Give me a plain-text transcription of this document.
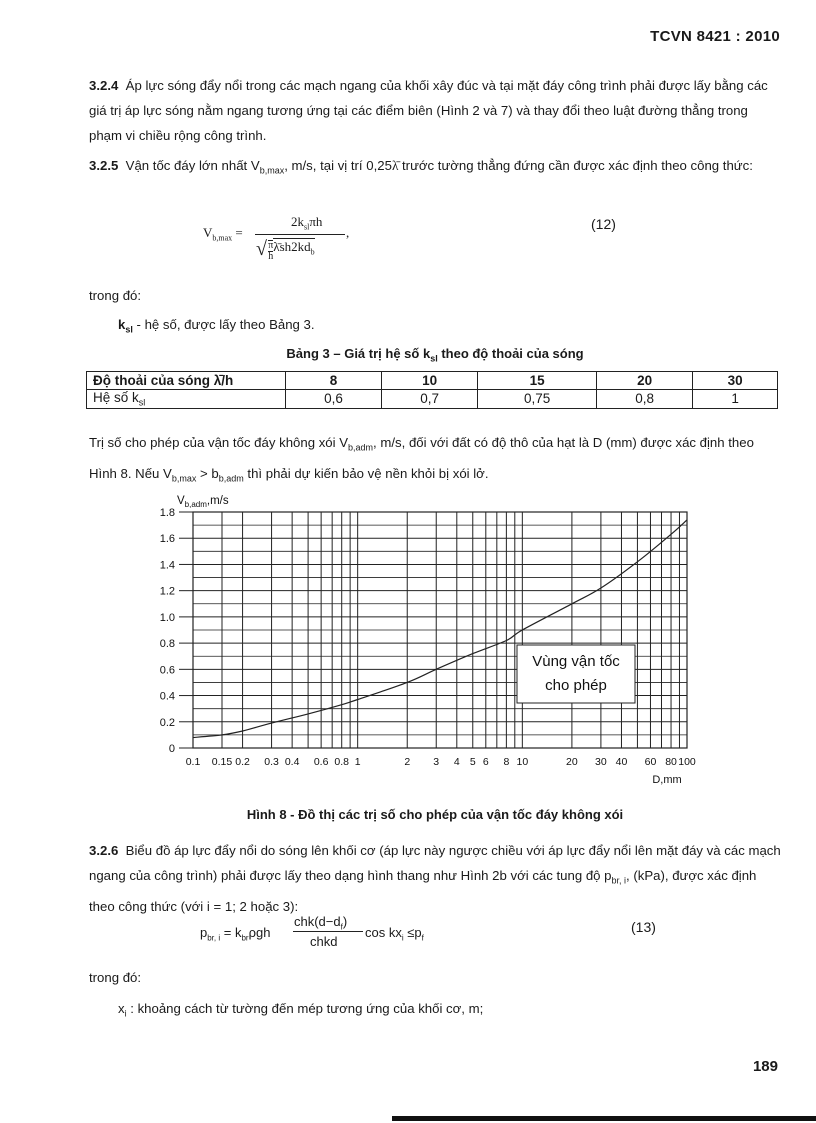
TCVN 8421 : 2010
3.2.4 Áp lực sóng đẩy nổi trong các mạch ngang của khối xây đúc và tại mặt đáy công trình phải được lấy bằng các giá trị áp lực sóng nằm ngang tương ứng tại các điểm biên (Hình 2 và 7) và thay đổi theo luật đường thẳng trong phạm vi chiều rộng công trình.
3.2.5 Vận tốc đáy lớn nhất $V_{b,max}$, m/s, tại vị trí 0,25λ̄ trước tường thẳng đứng cần được xác định theo công thức:
$V_{b,max}$ =
$2k_{sl}\pi h$
√ $\frac{\pi}{h}$ $\lambdāsh2kd_b$
,
(12)
trong đó:
$k_{sl}$ - hệ số, được lấy theo Bảng 3.
Bảng 3 – Giá trị hệ số $k_{sl}$ theo độ thoải của sóng
Độ thoải của sóng λ̄/h	8	10	15	20	30
Hệ số $k_{sl}$	0,6	0,7	0,75	0,8	1
Trị số cho phép của vận tốc đáy không xói $V_{b,adm}$, m/s, đối với đất có độ thô của hạt là D (mm) được xác định theo Hình 8. Nếu $V_{b,max} > b_{b,adm}$ thì phải dự kiến bảo vệ nền khỏi bị xói lở.
0
0.2
0.4
0.6
0.8
1.0
1.2
1.4
1.6
1.8
0.1 0.15 0.2 0.3 0.4 0.6 0.8 1	2 3 4 5 6 8 10	20 30 40 60 80 100
Vùng vận tốc
cho phép
$V_{b,adm},m/s$
D,mm
Hình 8 - Đồ thị các trị số cho phép của vận tốc đáy không xói
3.2.6 Biểu đồ áp lực đẩy nổi do sóng lên khối cơ (áp lực này ngược chiều với áp lực đẩy nổi lên mặt đáy và các mạch ngang của công trình) phải được lấy theo dạng hình thang như Hình 2b với các tung độ $p_{br, i}$, (kPa), được xác định theo công thức (với i = 1; 2 hoặc 3):
$p_{br, i} = k_{br}\rho gh$
$chk(d-d_f)$
chkd
$\cos kx_i \le p_f$
(13)
trong đó:
$x_i$ : khoảng cách từ tường đến mép tương ứng của khối cơ, m;
189
